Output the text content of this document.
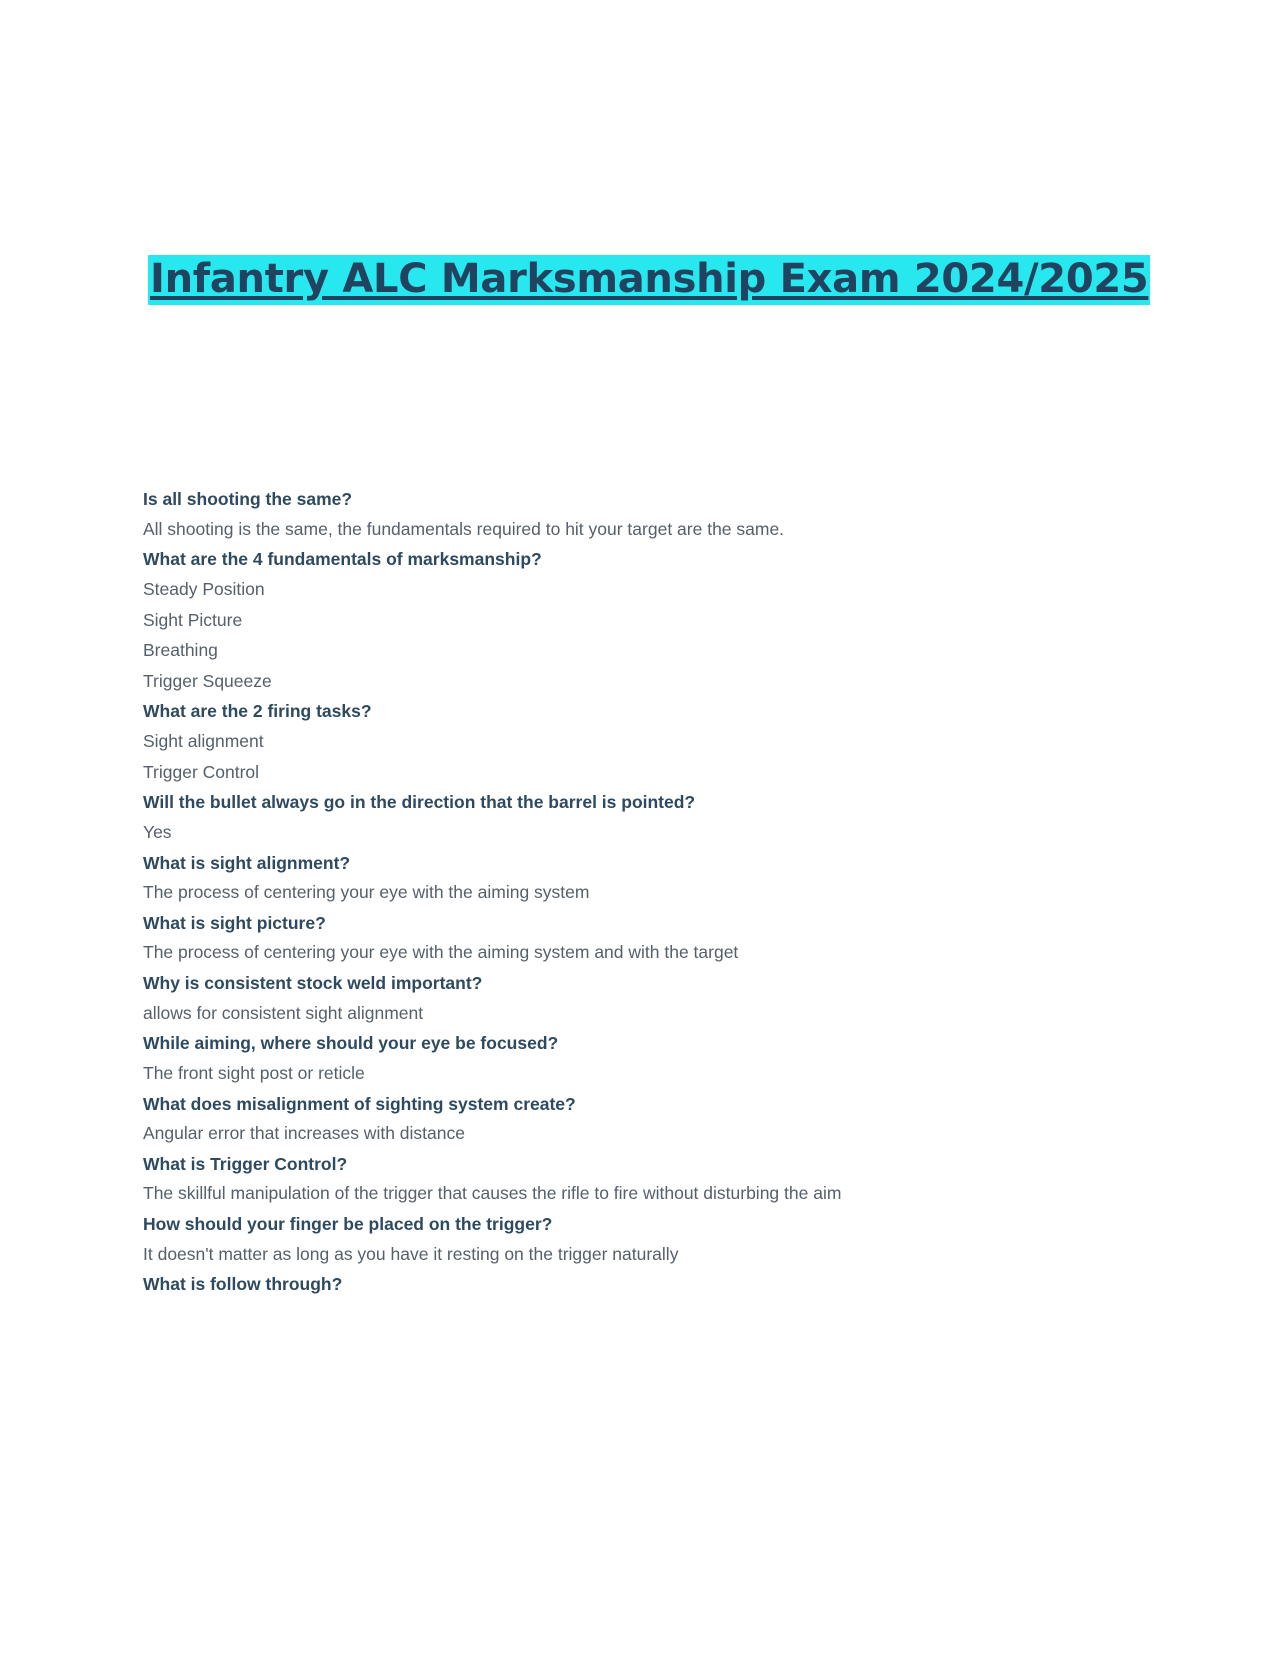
Infantry ALC Marksmanship Exam 2024/2025

Is all shooting the same?

All shooting is the same, the fundamentals required to hit your target are the same.

What are the 4 fundamentals of marksmanship?

Steady Position

Sight Picture

Breathing

Trigger Squeeze

What are the 2 firing tasks?

Sight alignment

Trigger Control

Will the bullet always go in the direction that the barrel is pointed?

Yes

What is sight alignment?

The process of centering your eye with the aiming system

What is sight picture?

The process of centering your eye with the aiming system and with the target

Why is consistent stock weld important?

allows for consistent sight alignment

While aiming, where should your eye be focused?

The front sight post or reticle

What does misalignment of sighting system create?

Angular error that increases with distance

What is Trigger Control?

The skillful manipulation of the trigger that causes the rifle to fire without disturbing the aim

How should your finger be placed on the trigger?

It doesn't matter as long as you have it resting on the trigger naturally

What is follow through?
